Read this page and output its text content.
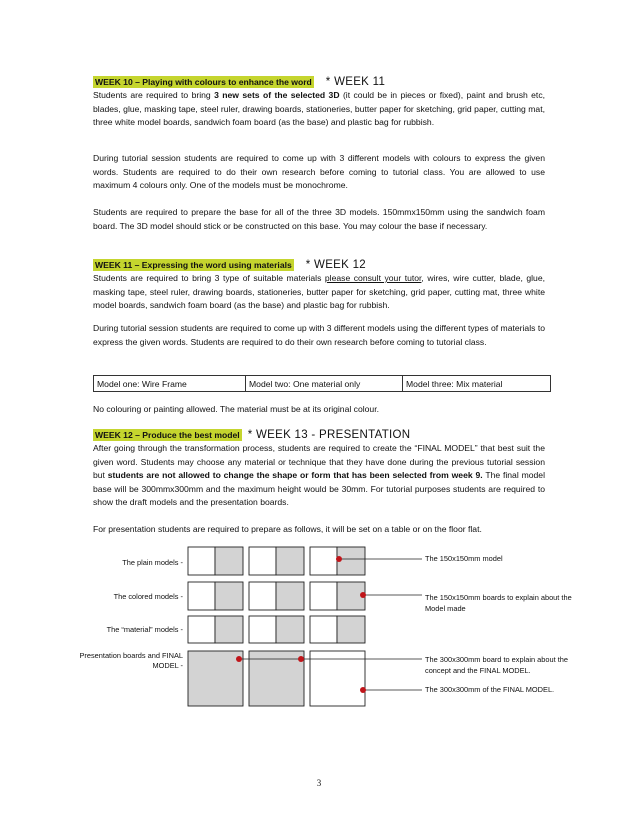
WEEK 10 – Playing with colours to enhance the word * WEEK 11
Students are required to bring 3 new sets of the selected 3D (it could be in pieces or fixed), paint and brush etc, blades, glue, masking tape, steel ruler, drawing boards, stationeries, butter paper for sketching, grid paper, cutting mat, three white model boards, sandwich foam board (as the base) and plastic bag for rubbish.
During tutorial session students are required to come up with 3 different models with colours to express the given words. Students are required to do their own research before coming to tutorial class. You are allowed to use maximum 4 colours only. One of the models must be monochrome.
Students are required to prepare the base for all of the three 3D models. 150mmx150mm using the sandwich foam board. The 3D model should stick or be constructed on this base. You may colour the base if necessary.
WEEK 11 – Expressing the word using materials * WEEK 12
Students are required to bring 3 type of suitable materials please consult your tutor, wires, wire cutter, blade, glue, masking tape, steel ruler, drawing boards, stationeries, butter paper for sketching, grid paper, cutting mat, three white model boards, sandwich foam board (as the base) and plastic bag for rubbish.
During tutorial session students are required to come up with 3 different models using the different types of materials to express the given words. Students are required to do their own research before coming to tutorial class.
Model one: Wire Frame	Model two: One material only	Model three: Mix material
No colouring or painting allowed. The material must be at its original colour.
WEEK 12 – Produce the best model * WEEK 13 - PRESENTATION
After going through the transformation process, students are required to create the “FINAL MODEL” that best suit the given word. Students may choose any material or technique that they have done during the previous tutorial session but students are not allowed to change the shape or form that has been selected from week 9. The final model base will be 300mmx300mm and the maximum height would be 30mm. For tutorial purposes students are required to show the draft models and the presentation boards.
For presentation students are required to prepare as follows, it will be set on a table or on the floor flat.
The plain models -
The colored models -
The “material” models -
Presentation boards and FINAL MODEL -
The 150x150mm model
The 150x150mm boards to explain about the Model made
The 300x300mm board to explain about the concept and the FINAL MODEL.
The 300x300mm of the FINAL MODEL.
3
